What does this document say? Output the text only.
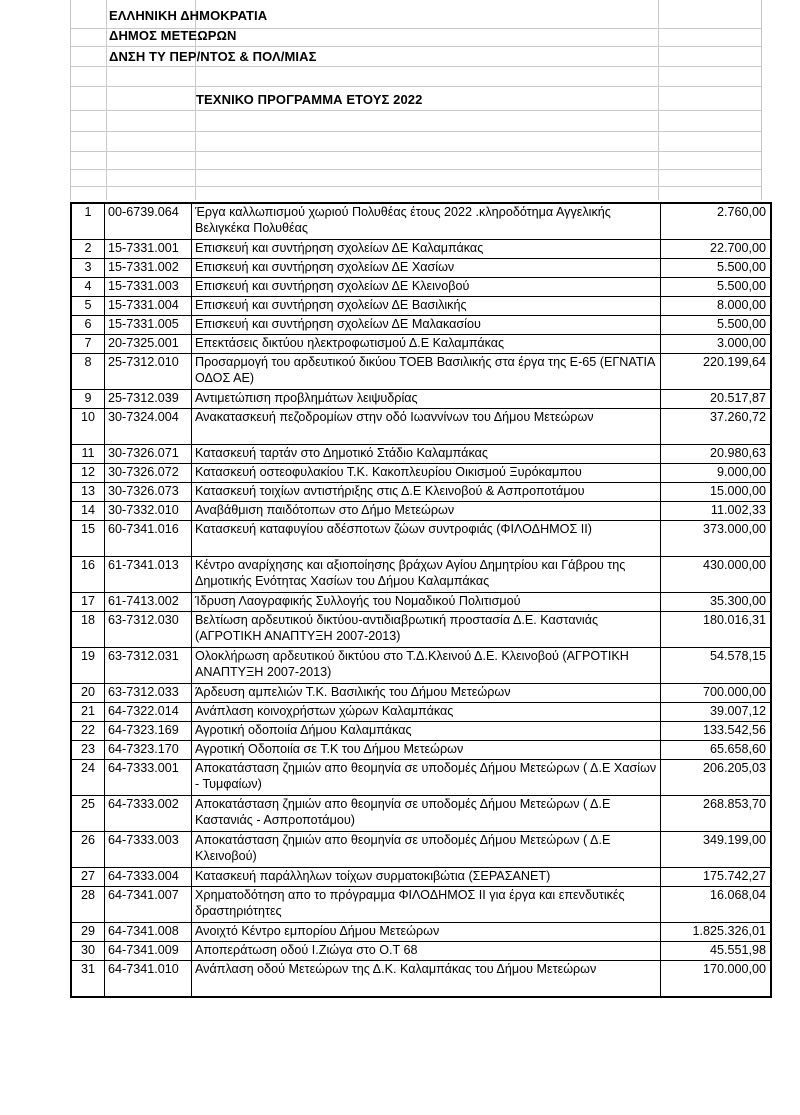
ΕΛΛΗΝΙΚΗ ΔΗΜΟΚΡΑΤΙΑ
ΔΗΜΟΣ ΜΕΤΕΩΡΩΝ
ΔΝΣΗ ΤΥ ΠΕΡ/ΝΤΟΣ & ΠΟΛ/ΜΙΑΣ
ΤΕΧΝΙΚΟ ΠΡΟΓΡΑΜΜΑ ΕΤΟΥΣ 2022
1	00-6739.064	Έργα καλλωπισμού χωριού Πολυθέας έτους 2022 .κληροδότημα Αγγελικής Βελιγκέκα Πολυθέας	2.760,00
2	15-7331.001	Επισκευή και συντήρηση σχολείων ΔΕ Καλαμπάκας	22.700,00
3	15-7331.002	Επισκευή και συντήρηση σχολείων ΔΕ Χασίων	5.500,00
4	15-7331.003	Επισκευή και συντήρηση σχολείων ΔΕ Κλεινοβού	5.500,00
5	15-7331.004	Επισκευή και συντήρηση σχολείων ΔΕ Βασιλικής	8.000,00
6	15-7331.005	Επισκευή και συντήρηση σχολείων ΔΕ Μαλακασίου	5.500,00
7	20-7325.001	Επεκτάσεις δικτύου ηλεκτροφωτισμού Δ.Ε Καλαμπάκας	3.000,00
8	25-7312.010	Προσαρμογή του αρδευτικού δικύου ΤΟΕΒ Βασιλικής στα έργα της Ε-65 (ΕΓΝΑΤΙΑ ΟΔΟΣ ΑΕ)	220.199,64
9	25-7312.039	Αντιμετώπιση προβλημάτων λειψυδρίας	20.517,87
10	30-7324.004	Ανακατασκευή πεζοδρομίων στην οδό Ιωαννίνων του Δήμου Μετεώρων	37.260,72
11	30-7326.071	Κατασκευή ταρτάν στο Δημοτικό Στάδιο Καλαμπάκας	20.980,63
12	30-7326.072	Κατασκευή οστεοφυλακίου Τ.Κ. Κακοπλευρίου Οικισμού Ξυρόκαμπου	9.000,00
13	30-7326.073	Κατασκευή τοιχίων αντιστήριξης στις Δ.Ε Κλεινοβού & Ασπροποτάμου	15.000,00
14	30-7332.010	Αναβάθμιση παιδότοπων στο Δήμο Μετεώρων	11.002,33
15	60-7341.016	Κατασκευή καταφυγίου αδέσποτων ζώων συντροφιάς (ΦΙΛΟΔΗΜΟΣ ΙΙ)	373.000,00
16	61-7341.013	Κέντρο αναρίχησης και αξιοποίησης βράχων Αγίου Δημητρίου και Γάβρου της Δημοτικής Ενότητας Χασίων του Δήμου Καλαμπάκας	430.000,00
17	61-7413.002	Ίδρυση Λαογραφικής Συλλογής του Νομαδικού Πολιτισμού	35.300,00
18	63-7312.030	Βελτίωση αρδευτικού δικτύου-αντιδιαβρωτική προστασία Δ.Ε. Καστανιάς (ΑΓΡΟΤΙΚΗ ΑΝΑΠΤΥΞΗ 2007-2013)	180.016,31
19	63-7312.031	Ολοκλήρωση αρδευτικού δικτύου στο Τ.Δ.Κλεινού Δ.Ε. Κλεινοβού (ΑΓΡΟΤΙΚΗ ΑΝΑΠΤΥΞΗ 2007-2013)	54.578,15
20	63-7312.033	Άρδευση αμπελιών Τ.Κ. Βασιλικής του Δήμου Μετεώρων	700.000,00
21	64-7322.014	Ανάπλαση κοινοχρήστων χώρων Καλαμπάκας	39.007,12
22	64-7323.169	Αγροτική οδοποιία Δήμου Καλαμπάκας	133.542,56
23	64-7323.170	Αγροτική Οδοποιία σε Τ.Κ του Δήμου Μετεώρων	65.658,60
24	64-7333.001	Αποκατάσταση ζημιών απο θεομηνία σε υποδομές Δήμου Μετεώρων ( Δ.Ε Χασίων - Τυμφαίων)	206.205,03
25	64-7333.002	Αποκατάσταση ζημιών απο θεομηνία σε υποδομές Δήμου Μετεώρων ( Δ.Ε Καστανιάς - Ασπροποτάμου)	268.853,70
26	64-7333.003	Αποκατάσταση ζημιών απο θεομηνία σε υποδομές Δήμου Μετεώρων ( Δ.Ε Κλεινοβού)	349.199,00
27	64-7333.004	Κατασκευή παράλληλων τοίχων συρματοκιβώτια (ΣΕΡΑΣΑΝΕΤ)	175.742,27
28	64-7341.007	Χρηματοδότηση απο το πρόγραμμα ΦΙΛΟΔΗΜΟΣ ΙΙ για έργα και επενδυτικές δραστηριότητες	16.068,04
29	64-7341.008	Ανοιχτό Κέντρο εμπορίου Δήμου Μετεώρων	1.825.326,01
30	64-7341.009	Αποπεράτωση οδού Ι.Ζιώγα στο Ο.Τ 68	45.551,98
31	64-7341.010	Ανάπλαση οδού Μετεώρων της Δ.Κ. Καλαμπάκας του Δήμου Μετεώρων	170.000,00
